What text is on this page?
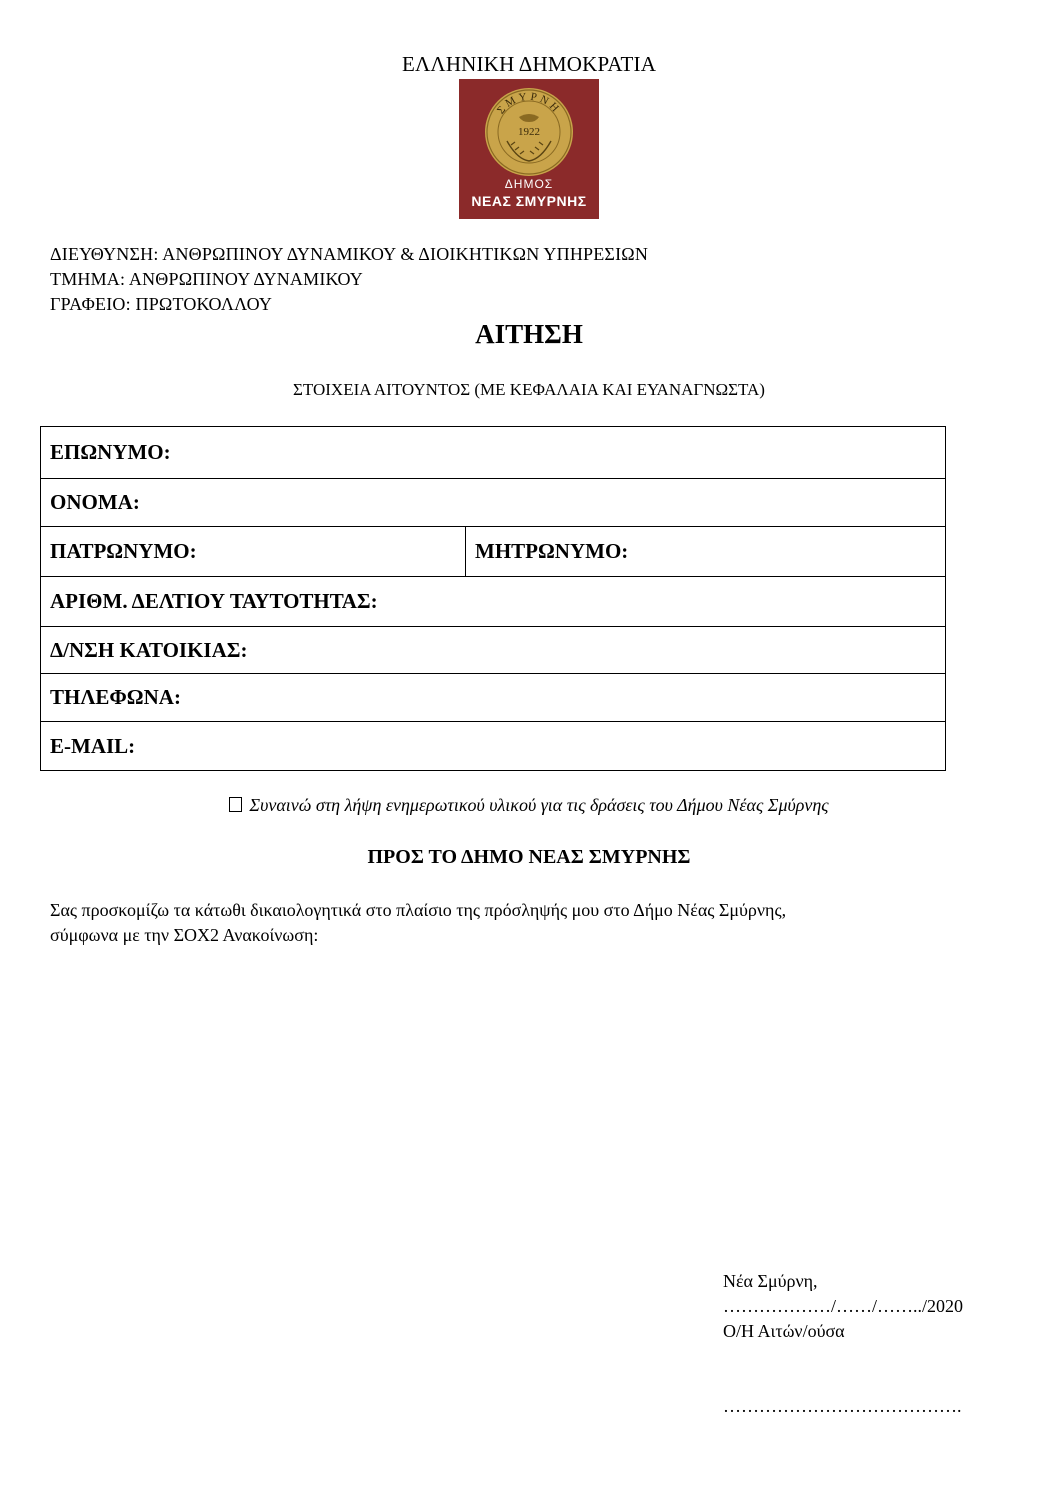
ΕΛΛΗΝΙΚΗ ΔΗΜΟΚΡΑΤΙΑ
ΣΜΥΡΝΗ
1922
ΔΗΜΟΣ
ΝΕΑΣ ΣΜΥΡΝΗΣ
ΔΙΕΥΘΥΝΣΗ: ΑΝΘΡΩΠΙΝΟΥ ΔΥΝΑΜΙΚΟΥ & ΔΙΟΙΚΗΤΙΚΩΝ ΥΠΗΡΕΣΙΩΝ
ΤΜΗΜΑ: ΑΝΘΡΩΠΙΝΟΥ ΔΥΝΑΜΙΚΟΥ
ΓΡΑΦΕΙΟ: ΠΡΩΤΟΚΟΛΛΟΥ
ΑΙΤΗΣΗ
ΣΤΟΙΧΕΙΑ ΑΙΤΟΥΝΤΟΣ (ΜΕ ΚΕΦΑΛΑΙΑ ΚΑΙ ΕΥΑΝΑΓΝΩΣΤΑ)
ΕΠΩΝΥΜΟ:
ΟΝΟΜΑ:
ΠΑΤΡΩΝΥΜΟ:	ΜΗΤΡΩΝΥΜΟ:
ΑΡΙΘΜ. ΔΕΛΤΙΟΥ ΤΑΥΤΟΤΗΤΑΣ:
Δ/ΝΣΗ ΚΑΤΟΙΚΙΑΣ:
ΤΗΛΕΦΩΝΑ:
E-MAIL:
Συναινώ στη λήψη ενημερωτικού υλικού για τις δράσεις του Δήμου Νέας Σμύρνης
ΠΡΟΣ ΤΟ ΔΗΜΟ ΝΕΑΣ ΣΜΥΡΝΗΣ
Σας προσκομίζω τα κάτωθι δικαιολογητικά στο πλαίσιο της πρόσληψής μου στο Δήμο Νέας Σμύρνης,
σύμφωνα με την ΣΟΧ2 Ανακοίνωση:
Νέα Σμύρνη,
………………/……/……../2020
Ο/Η Αιτών/ούσα
………………………………….
